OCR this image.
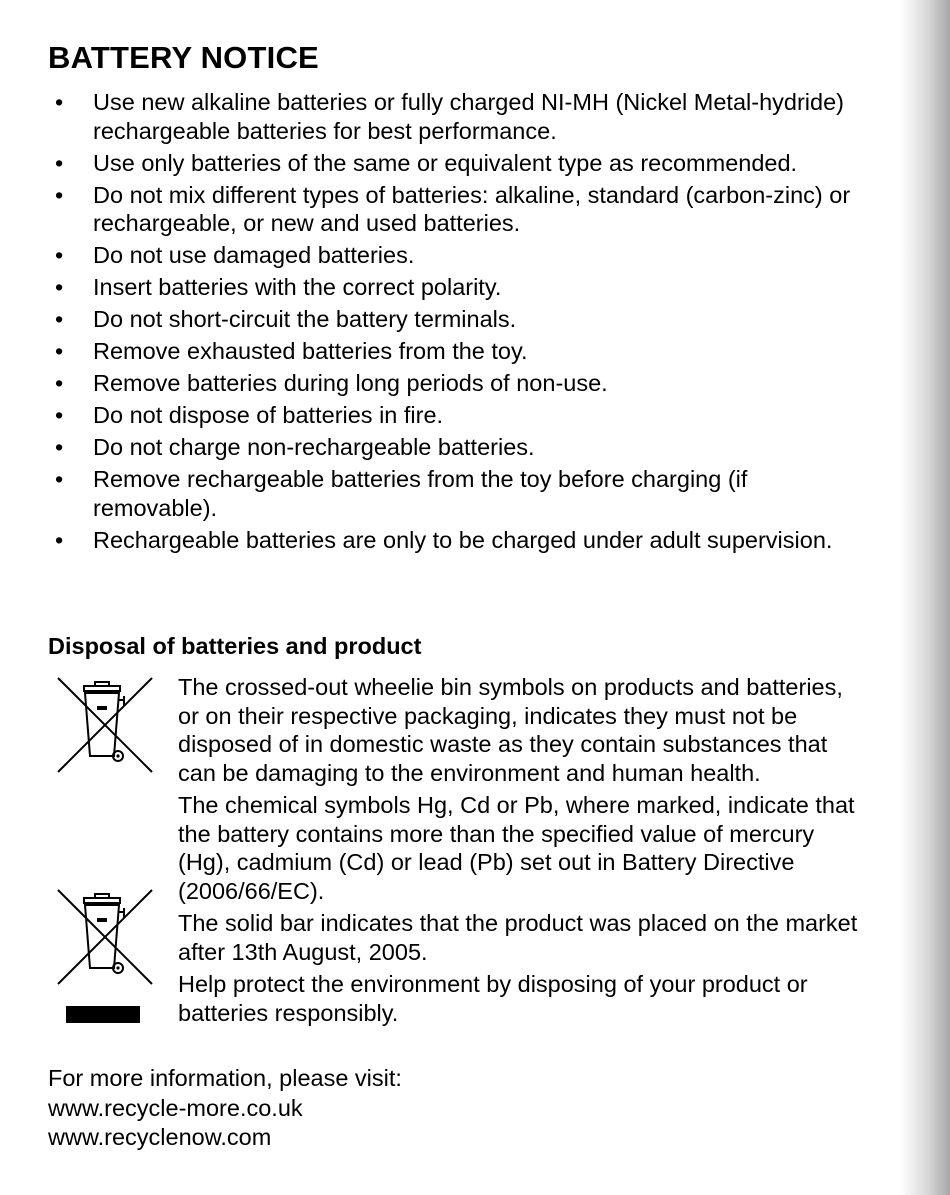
BATTERY NOTICE
• Use new alkaline batteries or fully charged NI-MH (Nickel Metal-hydride) rechargeable batteries for best performance.
• Use only batteries of the same or equivalent type as recommended.
• Do not mix different types of batteries: alkaline, standard (carbon-zinc) or rechargeable, or new and used batteries.
• Do not use damaged batteries.
• Insert batteries with the correct polarity.
• Do not short-circuit the battery terminals.
• Remove exhausted batteries from the toy.
• Remove batteries during long periods of non-use.
• Do not dispose of batteries in fire.
• Do not charge non-rechargeable batteries.
• Remove rechargeable batteries from the toy before charging (if removable).
• Rechargeable batteries are only to be charged under adult supervision.
Disposal of batteries and product

The crossed-out wheelie bin symbols on products and batteries, or on their respective packaging, indicates they must not be disposed of in domestic waste as they contain substances that can be damaging to the environment and human health.

The chemical symbols Hg, Cd or Pb, where marked, indicate that the battery contains more than the specified value of mercury (Hg), cadmium (Cd) or lead (Pb) set out in Battery Directive (2006/66/EC).

The solid bar indicates that the product was placed on the market after 13th August, 2005.

Help protect the environment by disposing of your product or batteries responsibly.

For more information, please visit:
www.recycle-more.co.uk
www.recyclenow.com
